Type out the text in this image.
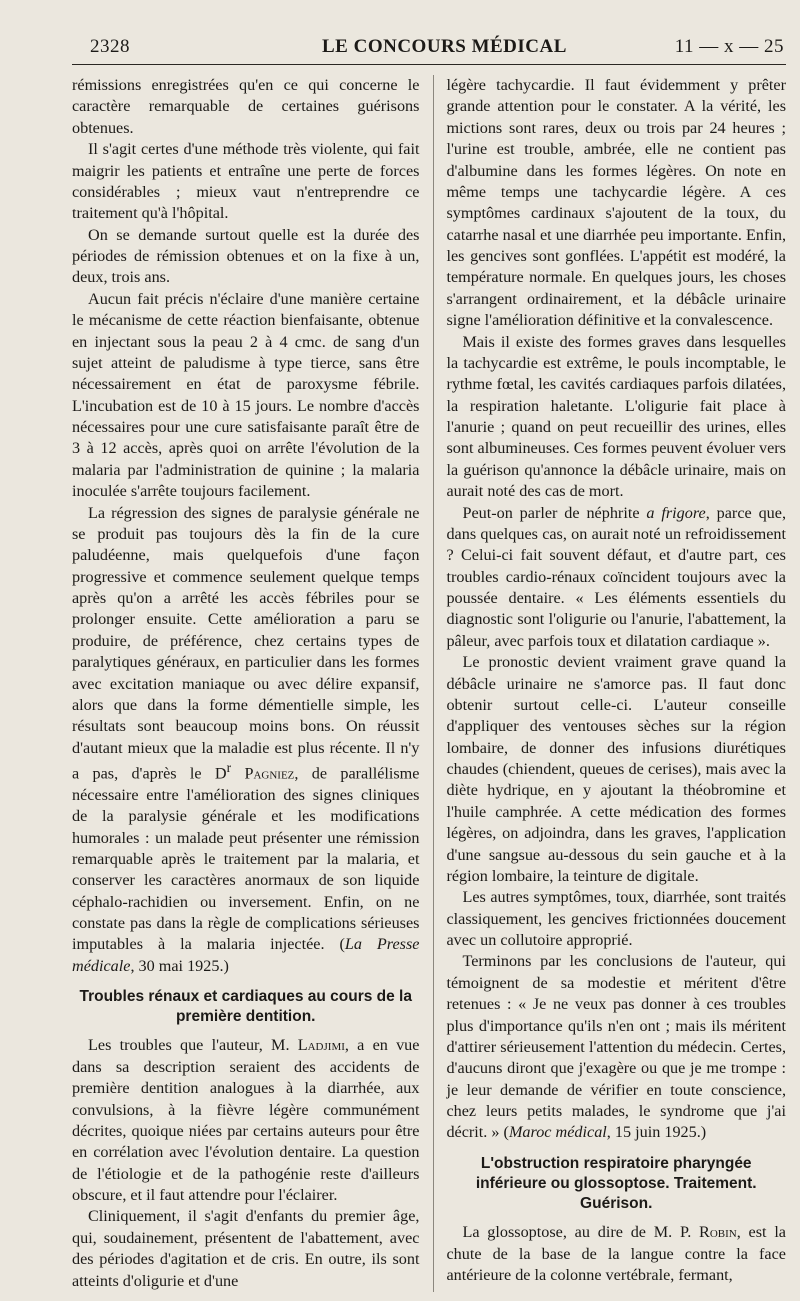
2328	LE CONCOURS MÉDICAL	11 — x — 25

rémissions enregistrées qu'en ce qui concerne le caractère remarquable de certaines guérisons obtenues.

Il s'agit certes d'une méthode très violente, qui fait maigrir les patients et entraîne une perte de forces considérables ; mieux vaut n'entreprendre ce traitement qu'à l'hôpital.

On se demande surtout quelle est la durée des périodes de rémission obtenues et on la fixe à un, deux, trois ans.

Aucun fait précis n'éclaire d'une manière certaine le mécanisme de cette réaction bienfaisante, obtenue en injectant sous la peau 2 à 4 cmc. de sang d'un sujet atteint de paludisme à type tierce, sans être nécessairement en état de paroxysme fébrile. L'incubation est de 10 à 15 jours. Le nombre d'accès nécessaires pour une cure satisfaisante paraît être de 3 à 12 accès, après quoi on arrête l'évolution de la malaria par l'administration de quinine ; la malaria inoculée s'arrête toujours facilement.

La régression des signes de paralysie générale ne se produit pas toujours dès la fin de la cure paludéenne, mais quelquefois d'une façon progressive et commence seulement quelque temps après qu'on a arrêté les accès fébriles pour se prolonger ensuite. Cette amélioration a paru se produire, de préférence, chez certains types de paralytiques généraux, en particulier dans les formes avec excitation maniaque ou avec délire expansif, alors que dans la forme démentielle simple, les résultats sont beaucoup moins bons. On réussit d'autant mieux que la maladie est plus récente. Il n'y a pas, d'après le $D^r$ Pagniez, de parallélisme nécessaire entre l'amélioration des signes cliniques de la paralysie générale et les modifications humorales : un malade peut présenter une rémission remarquable après le traitement par la malaria, et conserver les caractères anormaux de son liquide céphalo-rachidien ou inversement. Enfin, on ne constate pas dans la règle de complications sérieuses imputables à la malaria injectée. (La Presse médicale, 30 mai 1925.)

Troubles rénaux et cardiaques au cours de la première dentition.

Les troubles que l'auteur, M. Ladjimi, a en vue dans sa description seraient des accidents de première dentition analogues à la diarrhée, aux convulsions, à la fièvre légère communément décrites, quoique niées par certains auteurs pour être en corrélation avec l'évolution dentaire. La question de l'étiologie et de la pathogénie reste d'ailleurs obscure, et il faut attendre pour l'éclairer.

Cliniquement, il s'agit d'enfants du premier âge, qui, soudainement, présentent de l'abattement, avec des périodes d'agitation et de cris. En outre, ils sont atteints d'oligurie et d'une

légère tachycardie. Il faut évidemment y prêter grande attention pour le constater. A la vérité, les mictions sont rares, deux ou trois par 24 heures ; l'urine est trouble, ambrée, elle ne contient pas d'albumine dans les formes légères. On note en même temps une tachycardie légère. A ces symptômes cardinaux s'ajoutent de la toux, du catarrhe nasal et une diarrhée peu importante. Enfin, les gencives sont gonflées. L'appétit est modéré, la température normale. En quelques jours, les choses s'arrangent ordinairement, et la débâcle urinaire signe l'amélioration définitive et la convalescence.

Mais il existe des formes graves dans lesquelles la tachycardie est extrême, le pouls incomptable, le rythme fœtal, les cavités cardiaques parfois dilatées, la respiration haletante. L'oligurie fait place à l'anurie ; quand on peut recueillir des urines, elles sont albumineuses. Ces formes peuvent évoluer vers la guérison qu'annonce la débâcle urinaire, mais on aurait noté des cas de mort.

Peut-on parler de néphrite a frigore, parce que, dans quelques cas, on aurait noté un refroidissement ? Celui-ci fait souvent défaut, et d'autre part, ces troubles cardio-rénaux coïncident toujours avec la poussée dentaire. « Les éléments essentiels du diagnostic sont l'oligurie ou l'anurie, l'abattement, la pâleur, avec parfois toux et dilatation cardiaque ».

Le pronostic devient vraiment grave quand la débâcle urinaire ne s'amorce pas. Il faut donc obtenir surtout celle-ci. L'auteur conseille d'appliquer des ventouses sèches sur la région lombaire, de donner des infusions diurétiques chaudes (chiendent, queues de cerises), mais avec la diète hydrique, en y ajoutant la théobromine et l'huile camphrée. A cette médication des formes légères, on adjoindra, dans les graves, l'application d'une sangsue au-dessous du sein gauche et à la région lombaire, la teinture de digitale.

Les autres symptômes, toux, diarrhée, sont traités classiquement, les gencives frictionnées doucement avec un collutoire approprié.

Terminons par les conclusions de l'auteur, qui témoignent de sa modestie et méritent d'être retenues : « Je ne veux pas donner à ces troubles plus d'importance qu'ils n'en ont ; mais ils méritent d'attirer sérieusement l'attention du médecin. Certes, d'aucuns diront que j'exagère ou que je me trompe : je leur demande de vérifier en toute conscience, chez leurs petits malades, le syndrome que j'ai décrit. » (Maroc médical, 15 juin 1925.)

L'obstruction respiratoire pharyngée inférieure ou glossoptose. Traitement. Guérison.

La glossoptose, au dire de M. P. Robin, est la chute de la base de la langue contre la face antérieure de la colonne vertébrale, fermant,
